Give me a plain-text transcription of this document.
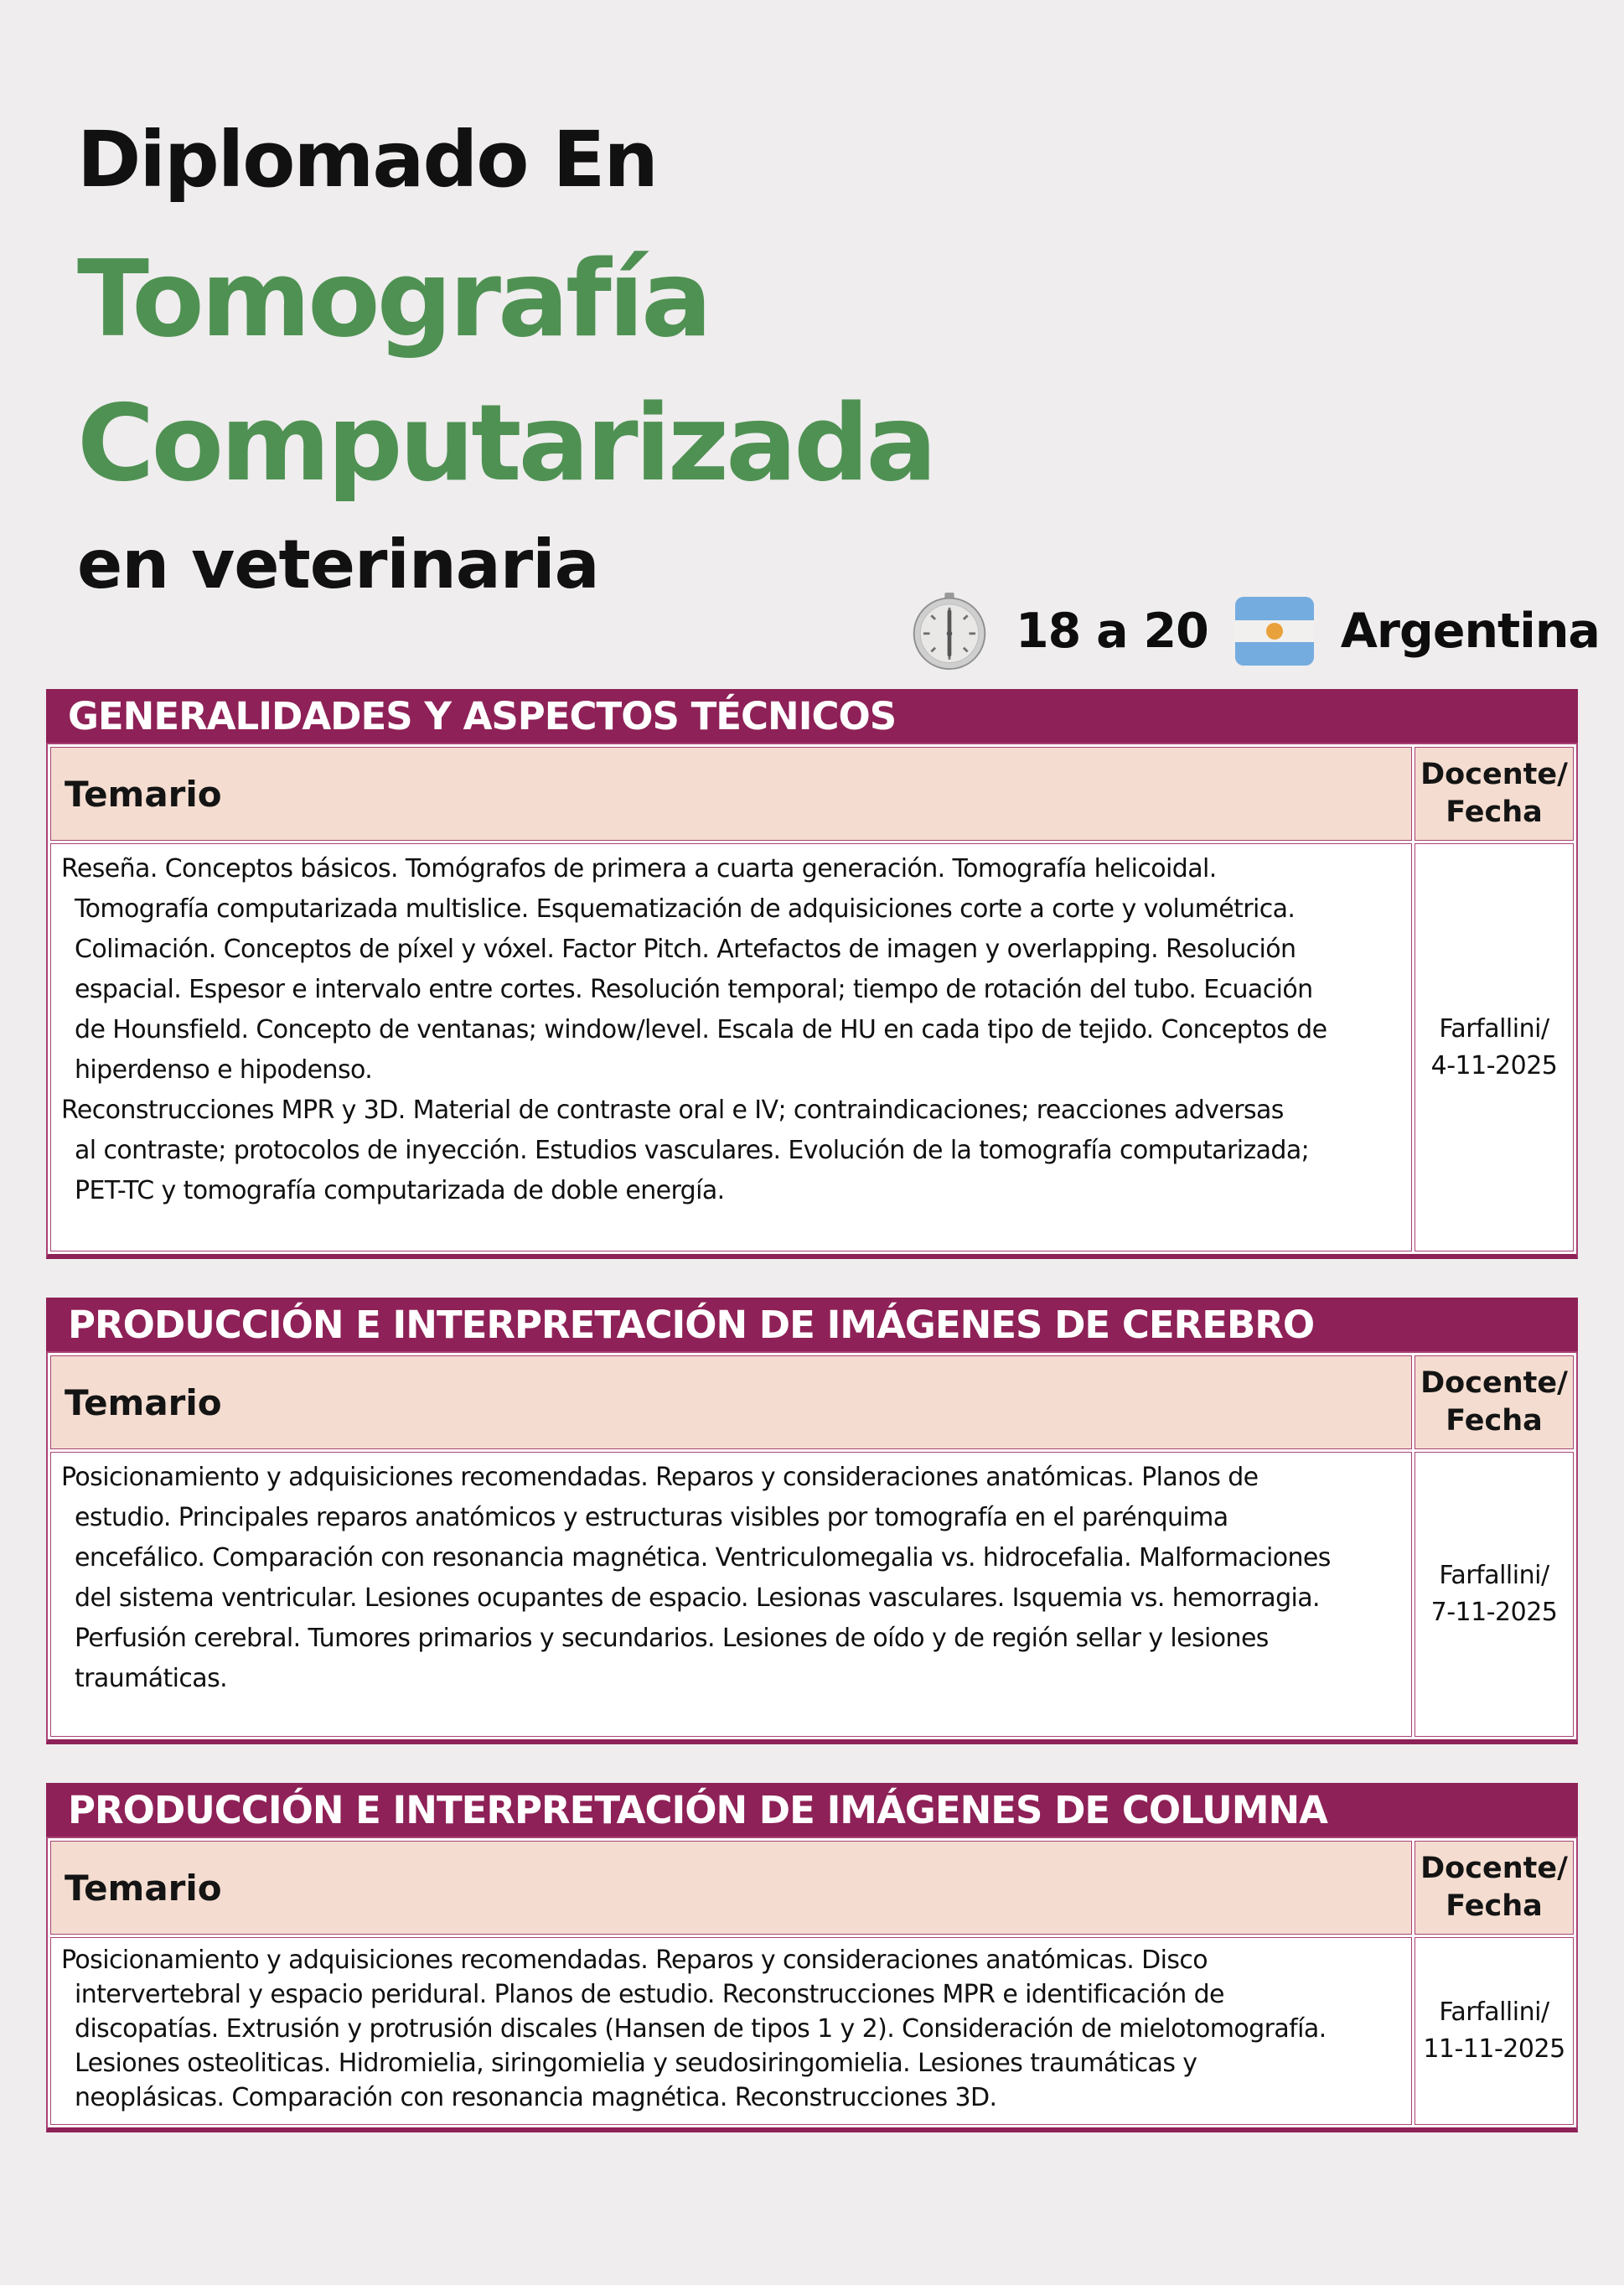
Diplomado En
Tomografía
Computarizada
en veterinaria
18 a 20	Argentina
GENERALIDADES Y ASPECTOS TÉCNICOS
Temario	Docente/
Fecha
Reseña. Conceptos básicos. Tomógrafos de primera a cuarta generación. Tomografía helicoidal.
Tomografía computarizada multislice. Esquematización de adquisiciones corte a corte y volumétrica.
Colimación. Conceptos de píxel y vóxel. Factor Pitch. Artefactos de imagen y overlapping. Resolución
espacial. Espesor e intervalo entre cortes. Resolución temporal; tiempo de rotación del tubo. Ecuación
de Hounsfield. Concepto de ventanas; window/level. Escala de HU en cada tipo de tejido. Conceptos de
hiperdenso e hipodenso.
Reconstrucciones MPR y 3D. Material de contraste oral e IV; contraindicaciones; reacciones adversas
al contraste; protocolos de inyección. Estudios vasculares. Evolución de la tomografía computarizada;
PET-TC y tomografía computarizada de doble energía.
Farfallini/
4-11-2025
PRODUCCIÓN E INTERPRETACIÓN DE IMÁGENES DE CEREBRO
Temario	Docente/
Fecha
Posicionamiento y adquisiciones recomendadas. Reparos y consideraciones anatómicas. Planos de
estudio. Principales reparos anatómicos y estructuras visibles por tomografía en el parénquima
encefálico. Comparación con resonancia magnética. Ventriculomegalia vs. hidrocefalia. Malformaciones
del sistema ventricular. Lesiones ocupantes de espacio. Lesionas vasculares. Isquemia vs. hemorragia.
Perfusión cerebral. Tumores primarios y secundarios. Lesiones de oído y de región sellar y lesiones
traumáticas.
Farfallini/
7-11-2025
PRODUCCIÓN E INTERPRETACIÓN DE IMÁGENES DE COLUMNA
Temario	Docente/
Fecha
Posicionamiento y adquisiciones recomendadas. Reparos y consideraciones anatómicas. Disco
intervertebral y espacio peridural. Planos de estudio. Reconstrucciones MPR e identificación de
discopatías. Extrusión y protrusión discales (Hansen de tipos 1 y 2). Consideración de mielotomografía.
Lesiones osteoliticas. Hidromielia, siringomielia y seudosiringomielia. Lesiones traumáticas y
neoplásicas. Comparación con resonancia magnética. Reconstrucciones 3D.
Farfallini/
11-11-2025
